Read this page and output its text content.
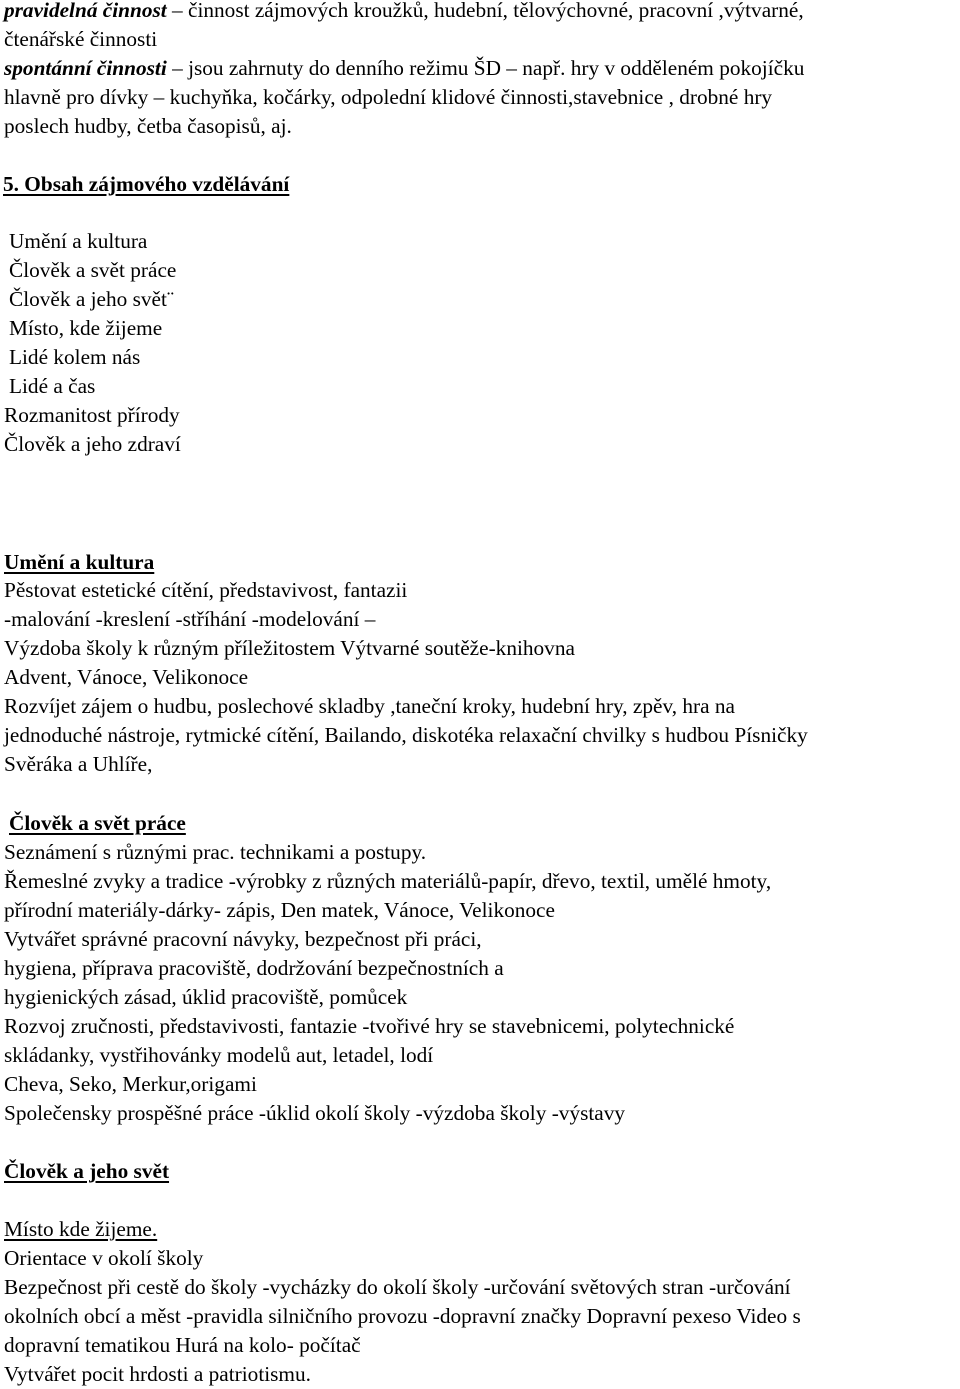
pravidelná činnost – činnost zájmových kroužků, hudební, tělovýchovné, pracovní ,výtvarné,
čtenářské činnosti
spontánní činnosti – jsou zahrnuty do denního režimu ŠD – např. hry v odděleném pokojíčku
hlavně pro dívky – kuchyňka, kočárky, odpolední klidové činnosti,stavebnice , drobné hry
poslech hudby, četba časopisů, aj.
5. Obsah zájmového vzdělávání
Umění a kultura
Člověk a svět práce
Člověk a jeho svět¨
Místo, kde žijeme
Lidé kolem nás
Lidé a čas
Rozmanitost přírody
Člověk a jeho zdraví
Umění a kultura
Pěstovat estetické cítění, představivost, fantazii
-malování -kreslení -stříhání -modelování –
Výzdoba školy k různým příležitostem Výtvarné soutěže-knihovna
Advent, Vánoce, Velikonoce
Rozvíjet zájem o hudbu, poslechové skladby ,taneční kroky, hudební hry, zpěv, hra na
jednoduché nástroje, rytmické cítění, Bailando, diskotéka relaxační chvilky s hudbou Písničky
Svěráka a Uhlíře,
Člověk a svět práce
Seznámení s různými prac. technikami a postupy.
Řemeslné zvyky a tradice -výrobky z různých materiálů-papír, dřevo, textil, umělé hmoty,
přírodní materiály-dárky- zápis, Den matek, Vánoce, Velikonoce
Vytvářet správné pracovní návyky, bezpečnost při práci,
hygiena, příprava pracoviště, dodržování bezpečnostních a
hygienických zásad, úklid pracoviště, pomůcek
Rozvoj zručnosti, představivosti, fantazie -tvořivé hry se stavebnicemi, polytechnické
skládanky, vystřihovánky modelů aut, letadel, lodí
Cheva, Seko, Merkur,origami
Společensky prospěšné práce -úklid okolí školy -výzdoba školy -výstavy
Člověk a jeho svět
Místo kde žijeme.
Orientace v okolí školy
Bezpečnost při cestě do školy -vycházky do okolí školy -určování světových stran -určování
okolních obcí a měst -pravidla silničního provozu -dopravní značky Dopravní pexeso Video s
dopravní tematikou Hurá na kolo- počítač
Vytvářet pocit hrdosti a patriotismu.
